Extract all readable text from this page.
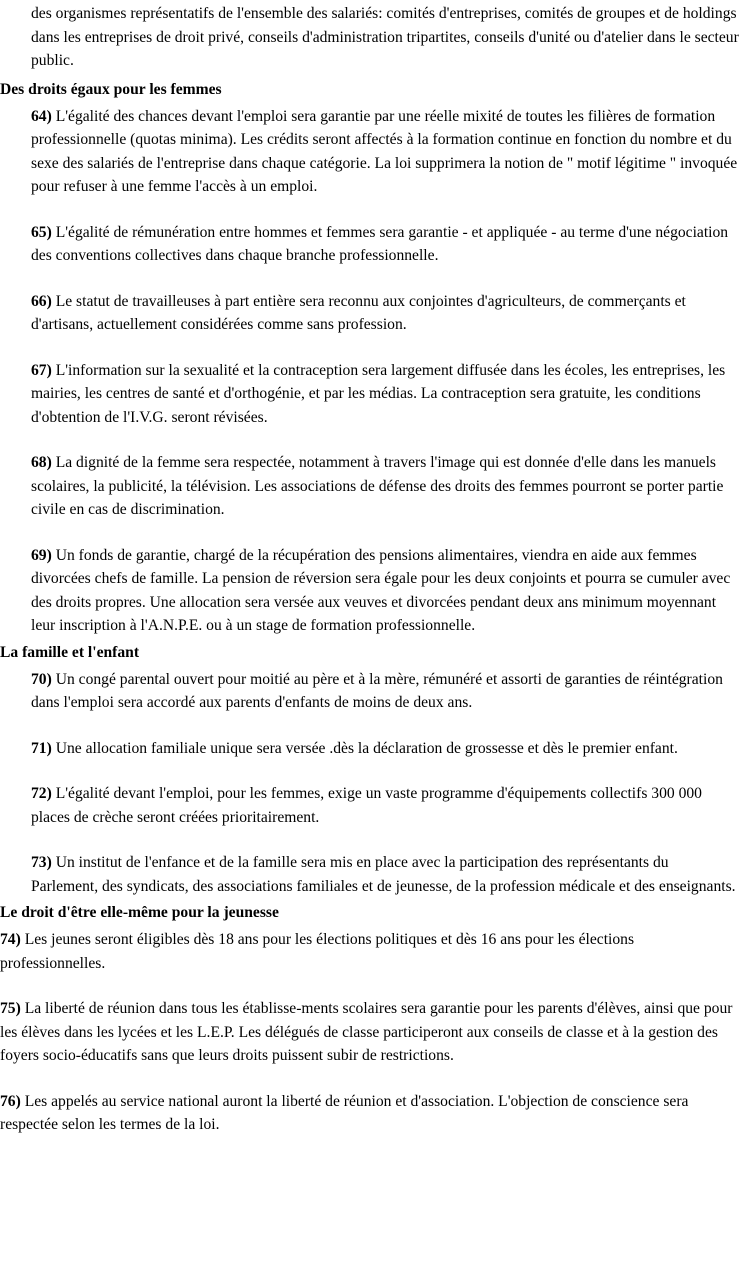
des organismes représentatifs de l'ensemble des salariés: comités d'entreprises, comités de groupes et de holdings dans les entreprises de droit privé, conseils d'administration tripartites, conseils d'unité ou d'atelier dans le secteur public.

Des droits égaux pour les femmes

64) L'égalité des chances devant l'emploi sera garantie par une réelle mixité de toutes les filières de formation professionnelle (quotas minima). Les crédits seront affectés à la formation continue en fonction du nombre et du sexe des salariés de l'entreprise dans chaque catégorie. La loi supprimera la notion de " motif légitime " invoquée pour refuser à une femme l'accès à un emploi.

65) L'égalité de rémunération entre hommes et femmes sera garantie - et appliquée - au terme d'une négociation des conventions collectives dans chaque branche professionnelle.

66) Le statut de travailleuses à part entière sera reconnu aux conjointes d'agriculteurs, de commerçants et d'artisans, actuellement considérées comme sans profession.

67) L'information sur la sexualité et la contraception sera largement diffusée dans les écoles, les entreprises, les mairies, les centres de santé et d'orthogénie, et par les médias. La contraception sera gratuite, les conditions d'obtention de l'I.V.G. seront révisées.

68) La dignité de la femme sera respectée, notamment à travers l'image qui est donnée d'elle dans les manuels scolaires, la publicité, la télévision. Les associations de défense des droits des femmes pourront se porter partie civile en cas de discrimination.

69) Un fonds de garantie, chargé de la récupération des pensions alimentaires, viendra en aide aux femmes divorcées chefs de famille. La pension de réversion sera égale pour les deux conjoints et pourra se cumuler avec des droits propres. Une allocation sera versée aux veuves et divorcées pendant deux ans minimum moyennant leur inscription à l'A.N.P.E. ou à un stage de formation professionnelle.

La famille et l'enfant

70) Un congé parental ouvert pour moitié au père et à la mère, rémunéré et assorti de garanties de réintégration dans l'emploi sera accordé aux parents d'enfants de moins de deux ans.

71) Une allocation familiale unique sera versée .dès la déclaration de grossesse et dès le premier enfant.

72) L'égalité devant l'emploi, pour les femmes, exige un vaste programme d'équipements collectifs 300 000 places de crèche seront créées prioritairement.

73) Un institut de l'enfance et de la famille sera mis en place avec la participation des représentants du Parlement, des syndicats, des associations familiales et de jeunesse, de la profession médicale et des enseignants.

Le droit d'être elle-même pour la jeunesse

74) Les jeunes seront éligibles dès 18 ans pour les élections politiques et dès 16 ans pour les élections professionnelles.

75) La liberté de réunion dans tous les établisse-ments scolaires sera garantie pour les parents d'élèves, ainsi que pour les élèves dans les lycées et les L.E.P. Les délégués de classe participeront aux conseils de classe et à la gestion des foyers socio-éducatifs sans que leurs droits puissent subir de restrictions.

76) Les appelés au service national auront la liberté de réunion et d'association. L'objection de conscience sera respectée selon les termes de la loi.
